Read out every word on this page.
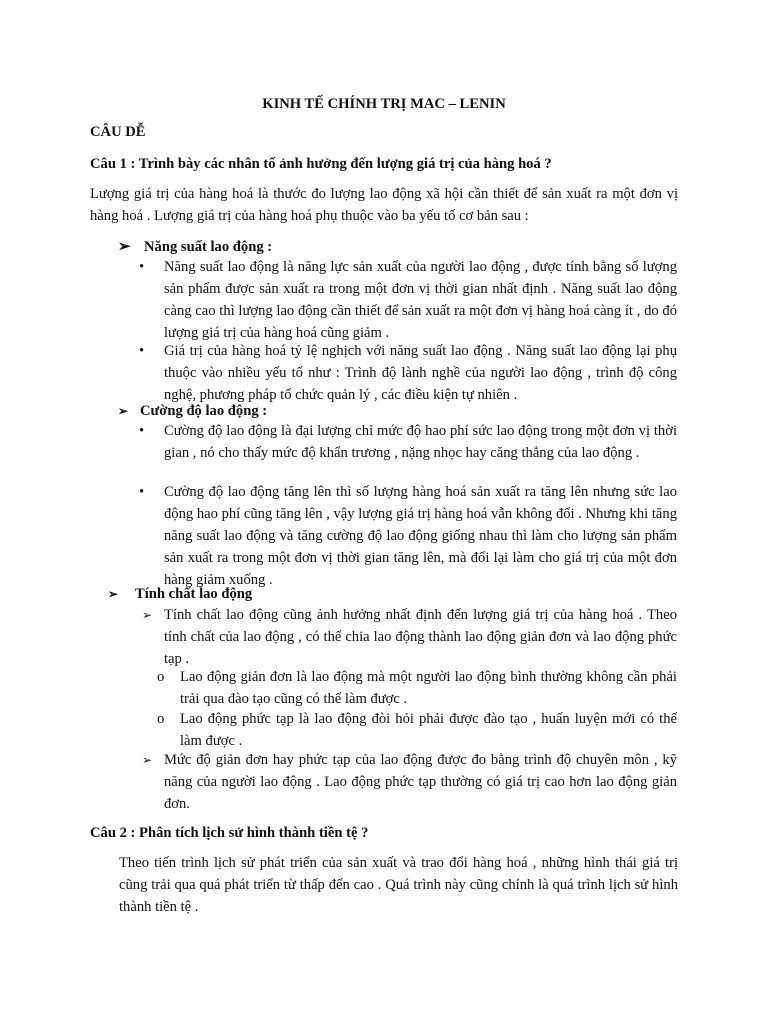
KINH TẾ CHÍNH TRỊ MAC – LENIN

CÂU DỄ

Câu 1 : Trình bày các nhân tố ảnh hưởng đến lượng giá trị của hàng hoá ?

Lượng giá trị của hàng hoá là thước đo lượng lao động xã hội cần thiết để sản xuất ra một đơn vị hàng hoá . Lượng giá trị của hàng hoá phụ thuộc vào ba yếu tố cơ bản sau :

➢ Năng suất lao động :

• Năng suất lao động là năng lực sản xuất của người lao động , được tính bằng số lượng sản phẩm được sản xuất ra trong một đơn vị thời gian nhất định . Năng suất lao động càng cao thì lượng lao động cần thiết để sản xuất ra một đơn vị hàng hoá càng ít , do đó lượng giá trị của hàng hoá cũng giảm .

• Giá trị của hàng hoá tỷ lệ nghịch với năng suất lao động . Năng suất lao động lại phụ thuộc vào nhiều yếu tố như : Trình độ lành nghề của người lao động , trình độ công nghệ, phương pháp tổ chức quản lý , các điều kiện tự nhiên .

➢ Cường độ lao động :

• Cường độ lao động là đại lượng chỉ mức độ hao phí sức lao động trong một đơn vị thời gian , nó cho thấy mức độ khẩn trương , nặng nhọc hay căng thẳng của lao động .

• Cường độ lao động tăng lên thì số lượng hàng hoá sản xuất ra tăng lên nhưng sức lao động hao phí cũng tăng lên , vậy lượng giá trị hàng hoá vẫn không đổi . Nhưng khi tăng năng suất lao động và tăng cường độ lao động giống nhau thì làm cho lượng sản phẩm sản xuất ra trong một đơn vị thời gian tăng lên, mà đối lại làm cho giá trị của một đơn hàng giảm xuống .

➢ Tính chất lao động

➢ Tính chất lao động cũng ảnh hưởng nhất định đến lượng giá trị của hàng hoá . Theo tính chất của lao động , có thể chia lao động thành lao động giản đơn và lao động phức tạp .

o Lao động giản đơn là lao động mà một người lao động bình thường không cần phải trải qua đào tạo cũng có thể làm được .

o Lao động phức tạp là lao động đòi hỏi phải được đào tạo , huấn luyện mới có thể làm được .

➢ Mức độ giản đơn hay phức tạp của lao động được đo bằng trình độ chuyên môn , kỹ năng của người lao động . Lao động phức tạp thường có giá trị cao hơn lao động giản đơn.

Câu 2 : Phân tích lịch sử hình thành tiền tệ ?

Theo tiến trình lịch sử phát triển của sản xuất và trao đổi hàng hoá , những hình thái giá trị cũng trải qua quá phát triển từ thấp đến cao . Quá trình này cũng chính là quá trình lịch sử hình thành tiền tệ .
